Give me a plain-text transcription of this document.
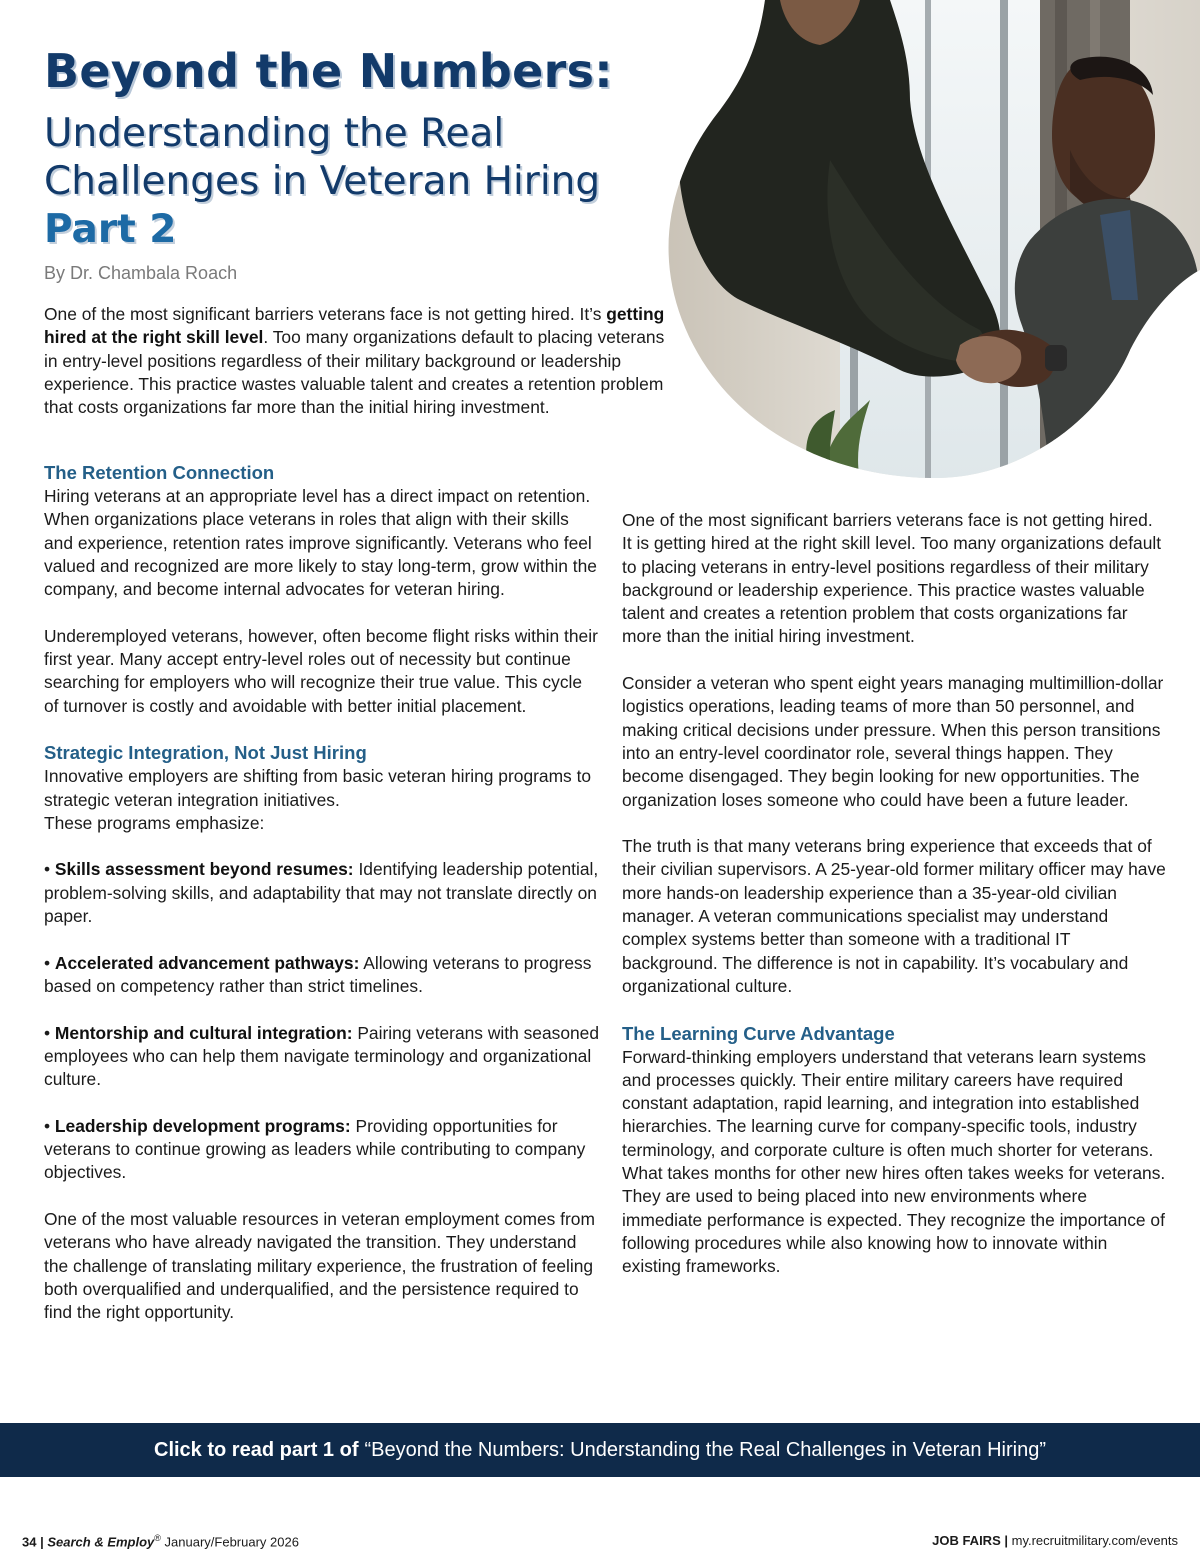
Beyond the Numbers:
Understanding the Real Challenges in Veteran Hiring Part 2
By Dr. Chambala Roach

One of the most significant barriers veterans face is not getting hired. It’s getting hired at the right skill level. Too many organizations default to placing veterans in entry-level positions regardless of their military background or leadership experience. This practice wastes valuable talent and creates a retention problem that costs organizations far more than the initial hiring investment.

The Retention Connection

Hiring veterans at an appropriate level has a direct impact on retention. When organizations place veterans in roles that align with their skills and experience, retention rates improve significantly. Veterans who feel valued and recognized are more likely to stay long-term, grow within the company, and become internal advocates for veteran hiring.

Underemployed veterans, however, often become flight risks within their first year. Many accept entry-level roles out of necessity but continue searching for employers who will recognize their true value. This cycle of turnover is costly and avoidable with better initial placement.

Strategic Integration, Not Just Hiring

Innovative employers are shifting from basic veteran hiring programs to strategic veteran integration initiatives.

These programs emphasize:

• Skills assessment beyond resumes: Identifying leadership potential, problem-solving skills, and adaptability that may not translate directly on paper.

• Accelerated advancement pathways: Allowing veterans to progress based on competency rather than strict timelines.

• Mentorship and cultural integration: Pairing veterans with seasoned employees who can help them navigate terminology and organizational culture.

• Leadership development programs: Providing opportunities for veterans to continue growing as leaders while contributing to company objectives.

One of the most valuable resources in veteran employment comes from veterans who have already navigated the transition. They understand the challenge of translating military experience, the frustration of feeling both overqualified and underqualified, and the persistence required to find the right opportunity.

One of the most significant barriers veterans face is not getting hired. It is getting hired at the right skill level. Too many organizations default to placing veterans in entry-level positions regardless of their military background or leadership experience. This practice wastes valuable talent and creates a retention problem that costs organizations far more than the initial hiring investment.

Consider a veteran who spent eight years managing multimillion-dollar logistics operations, leading teams of more than 50 personnel, and making critical decisions under pressure. When this person transitions into an entry-level coordinator role, several things happen. They become disengaged. They begin looking for new opportunities. The organization loses someone who could have been a future leader.

The truth is that many veterans bring experience that exceeds that of their civilian supervisors. A 25-year-old former military officer may have more hands-on leadership experience than a 35-year-old civilian manager. A veteran communications specialist may understand complex systems better than someone with a traditional IT background. The difference is not in capability. It’s vocabulary and organizational culture.

The Learning Curve Advantage

Forward-thinking employers understand that veterans learn systems and processes quickly. Their entire military careers have required constant adaptation, rapid learning, and integration into established hierarchies. The learning curve for company-specific tools, industry terminology, and corporate culture is often much shorter for veterans.

What takes months for other new hires often takes weeks for veterans. They are used to being placed into new environments where immediate performance is expected. They recognize the importance of following procedures while also knowing how to innovate within existing frameworks.

Click to read part 1 of “Beyond the Numbers: Understanding the Real Challenges in Veteran Hiring”
34 | Search & Employ® January/February 2026	JOB FAIRS | my.recruitmilitary.com/events
